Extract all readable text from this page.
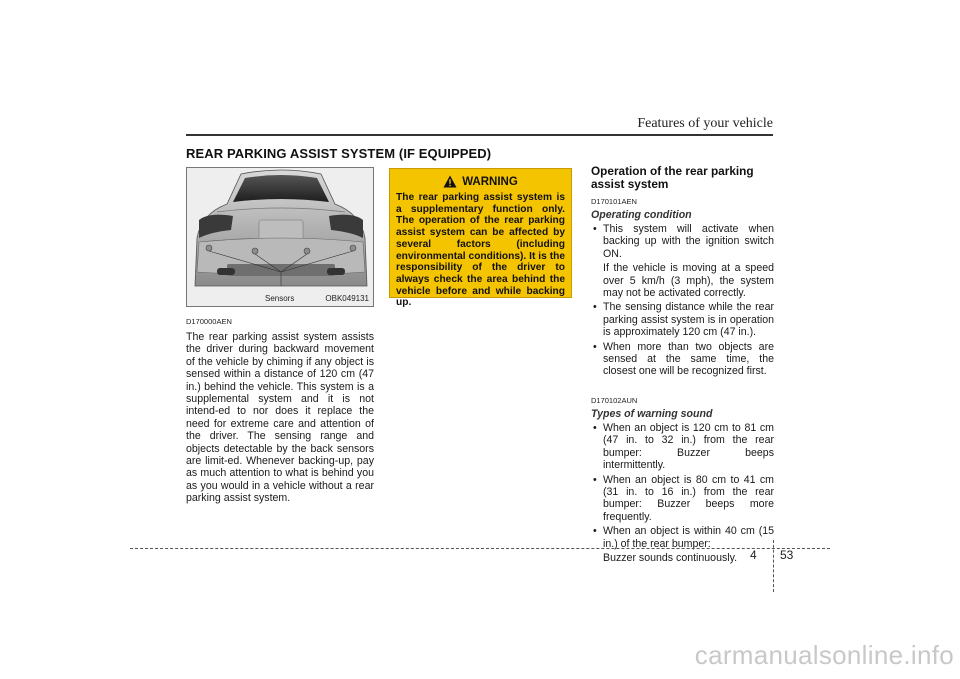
Features of your vehicle
REAR PARKING ASSIST SYSTEM (IF EQUIPPED)
Sensors	OBK049131

D170000AEN

The rear parking assist system assists the driver during backward movement of the vehicle by chiming if any object is sensed within a distance of 120 cm (47 in.) behind the vehicle. This system is a supplemental system and it is not intend-ed to nor does it replace the need for extreme care and attention of the driver. The sensing range and objects detectable by the back sensors are limit-ed. Whenever backing-up, pay as much attention to what is behind you as you would in a vehicle without a rear parking assist system.

WARNING

The rear parking assist system is a supplementary function only. The operation of the rear parking assist system can be affected by several factors (including environmental conditions). It is the responsibility of the driver to always check the area behind the vehicle before and while backing up.

Operation of the rear parking assist system

D170101AEN

Operating condition

• This system will activate when backing up with the ignition switch ON.
If the vehicle is moving at a speed over 5 km/h (3 mph), the system may not be activated correctly.
• The sensing distance while the rear parking assist system is in operation is approximately 120 cm (47 in.).
• When more than two objects are sensed at the same time, the closest one will be recognized first.

D170102AUN

Types of warning sound

• When an object is 120 cm to 81 cm (47 in. to 32 in.) from the rear bumper: Buzzer beeps intermittently.
• When an object is 80 cm to 41 cm (31 in. to 16 in.) from the rear bumper: Buzzer beeps more frequently.
• When an object is within 40 cm (15 in.) of the rear bumper:
Buzzer sounds continuously.	4 53
carmanualsonline.info
